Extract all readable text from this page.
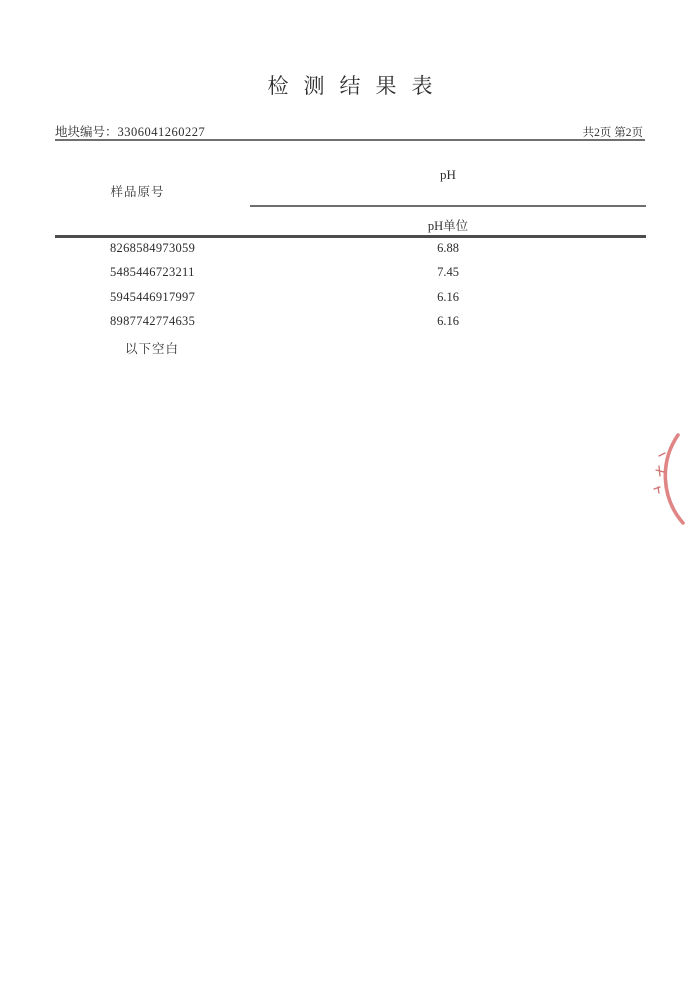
检测结果表
地块编号：3306041260227	共2页 第2页
样品原号
pH
pH单位
8268584973059	6.88
5485446723211	7.45
5945446917997	6.16
8987742774635	6.16
以下空白
